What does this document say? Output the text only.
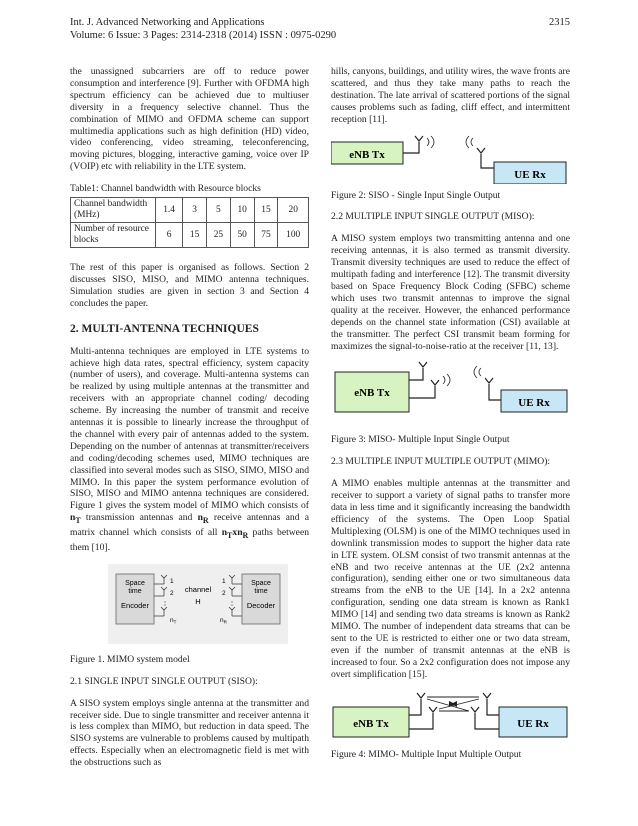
Int. J. Advanced Networking and Applications
Volume: 6 Issue: 3 Pages: 2314-2318 (2014) ISSN : 0975-0290
2315

the unassigned subcarriers are off to reduce power consumption and interference [9]. Further with OFDMA high spectrum efficiency can be achieved due to multiuser diversity in a frequency selective channel. Thus the combination of MIMO and OFDMA scheme can support multimedia applications such as high definition (HD) video, video conferencing, video streaming, teleconferencing, moving pictures, blogging, interactive gaming, voice over IP (VOIP) etc with reliability in the LTE system.

Table1: Channel bandwidth with Resource blocks
Channel bandwidth (MHz)	1.4	3	5	10	15	20
Number of resource blocks	6	15	25	50	75	100

The rest of this paper is organised as follows. Section 2 discusses SISO, MISO, and MIMO antenna techniques. Simulation studies are given in section 3 and Section 4 concludes the paper.

2. MULTI-ANTENNA TECHNIQUES

Multi-antenna techniques are employed in LTE systems to achieve high data rates, spectral efficiency, system capacity (number of users), and coverage. Multi-antenna systems can be realized by using multiple antennas at the transmitter and receivers with an appropriate channel coding/ decoding scheme. By increasing the number of transmit and receive antennas it is possible to linearly increase the throughput of the channel with every pair of antennas added to the system. Depending on the number of antennas at transmitter/receivers and coding/decoding schemes used, MIMO techniques are classified into several modes such as SISO, SIMO, MISO and MIMO. In this paper the system performance evolution of SISO, MISO and MIMO antenna techniques are considered. Figure 1 gives the system model of MIMO which consists of $n_T$ transmission antennas and $n_R$ receive antennas and a matrix channel which consists of all $n_Txn_R$ paths between them [10].

Space
time
Encoder
Space
time
Decoder
1
2
$n_T$
1
2
$n_R$
channel
H
Figure 1. MIMO system model
2.1 SINGLE INPUT SINGLE OUTPUT (SISO):

A SISO system employs single antenna at the transmitter and receiver side. Due to single transmitter and receiver antenna it is less complex than MIMO, but reduction in data speed. The SISO systems are vulnerable to problems caused by multipath effects. Especially when an electromagnetic field is met with the obstructions such as

hills, canyons, buildings, and utility wires, the wave fronts are scattered, and thus they take many paths to reach the destination. The late arrival of scattered portions of the signal causes problems such as fading, cliff effect, and intermittent reception [11].

eNB Tx
UE Rx
Figure 2: SISO - Single Input Single Output
2.2 MULTIPLE INPUT SINGLE OUTPUT (MISO):

A MISO system employs two transmitting antenna and one receiving antennas, it is also termed as transmit diversity. Transmit diversity techniques are used to reduce the effect of multipath fading and interference [12]. The transmit diversity based on Space Frequency Block Coding (SFBC) scheme which uses two transmit antennas to improve the signal quality at the receiver. However, the enhanced performance depends on the channel state information (CSI) available at the transmitter. The perfect CSI transmit beam forming for maximizes the signal-to-noise-ratio at the receiver [11, 13].

eNB Tx
UE Rx
Figure 3: MISO- Multiple Input Single Output
2.3 MULTIPLE INPUT MULTIPLE OUTPUT (MIMO):

A MIMO enables multiple antennas at the transmitter and receiver to support a variety of signal paths to transfer more data in less time and it significantly increasing the bandwidth efficiency of the systems. The Open Loop Spatial Multiplexing (OLSM) is one of the MIMO techniques used in downlink transmission modes to support the higher data rate in LTE system. OLSM consist of two transmit antennas at the eNB and two receive antennas at the UE (2x2 antenna configuration), sending either one or two simultaneous data streams from the eNB to the UE [14]. In a 2x2 antenna configuration, sending one data stream is known as Rank1 MIMO [14] and sending two data streams is known as Rank2 MIMO. The number of independent data streams that can be sent to the UE is restricted to either one or two data stream, even if the number of transmit antennas at the eNB is increased to four. So a 2x2 configuration does not impose any overt simplification [15].

eNB Tx	UE Rx
Figure 4: MIMO- Multiple Input Multiple Output
